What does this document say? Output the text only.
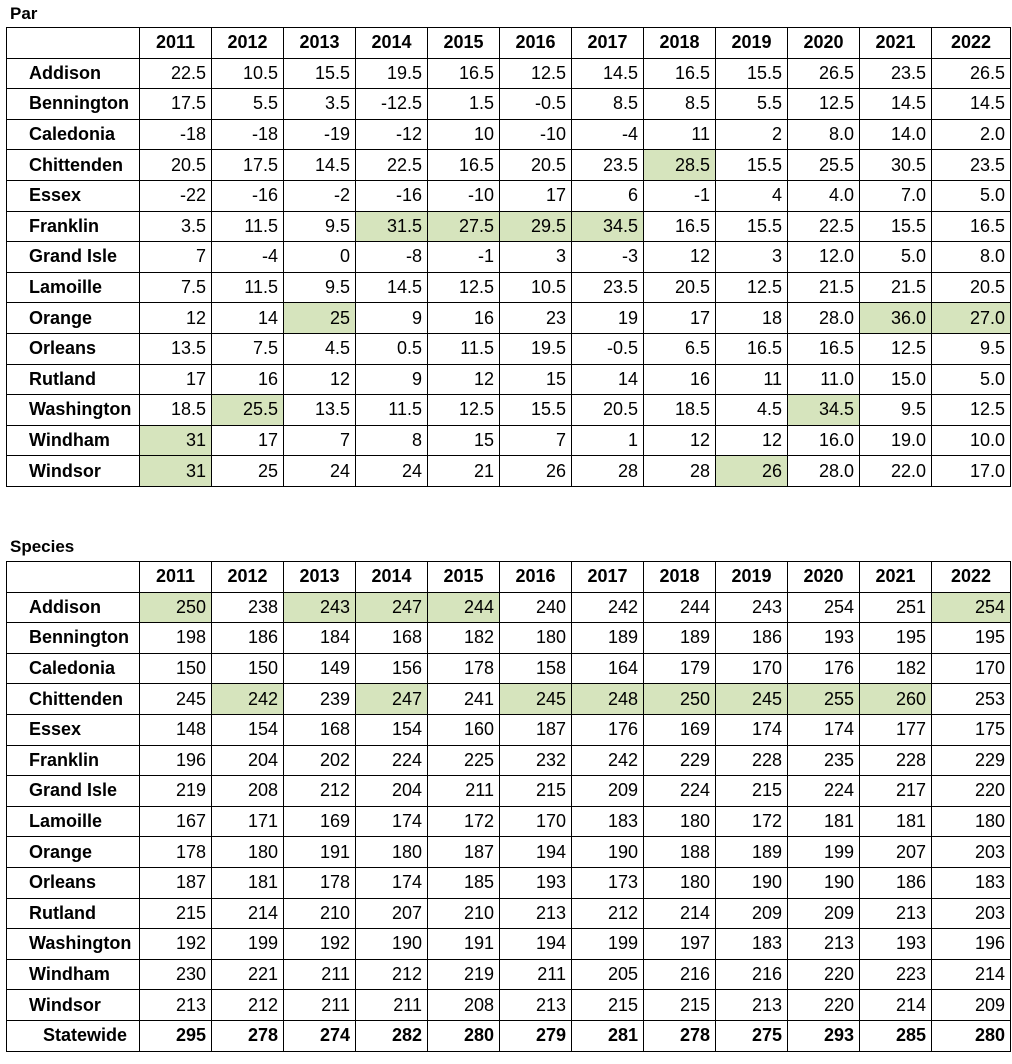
Par
	2011	2012	2013	2014	2015	2016	2017	2018	2019	2020	2021	2022
Addison	22.5	10.5	15.5	19.5	16.5	12.5	14.5	16.5	15.5	26.5	23.5	26.5
Bennington	17.5	5.5	3.5	-12.5	1.5	-0.5	8.5	8.5	5.5	12.5	14.5	14.5
Caledonia	-18	-18	-19	-12	10	-10	-4	11	2	8.0	14.0	2.0
Chittenden	20.5	17.5	14.5	22.5	16.5	20.5	23.5	28.5	15.5	25.5	30.5	23.5
Essex	-22	-16	-2	-16	-10	17	6	-1	4	4.0	7.0	5.0
Franklin	3.5	11.5	9.5	31.5	27.5	29.5	34.5	16.5	15.5	22.5	15.5	16.5
Grand Isle	7	-4	0	-8	-1	3	-3	12	3	12.0	5.0	8.0
Lamoille	7.5	11.5	9.5	14.5	12.5	10.5	23.5	20.5	12.5	21.5	21.5	20.5
Orange	12	14	25	9	16	23	19	17	18	28.0	36.0	27.0
Orleans	13.5	7.5	4.5	0.5	11.5	19.5	-0.5	6.5	16.5	16.5	12.5	9.5
Rutland	17	16	12	9	12	15	14	16	11	11.0	15.0	5.0
Washington	18.5	25.5	13.5	11.5	12.5	15.5	20.5	18.5	4.5	34.5	9.5	12.5
Windham	31	17	7	8	15	7	1	12	12	16.0	19.0	10.0
Windsor	31	25	24	24	21	26	28	28	26	28.0	22.0	17.0
Species
	2011	2012	2013	2014	2015	2016	2017	2018	2019	2020	2021	2022
Addison	250	238	243	247	244	240	242	244	243	254	251	254
Bennington	198	186	184	168	182	180	189	189	186	193	195	195
Caledonia	150	150	149	156	178	158	164	179	170	176	182	170
Chittenden	245	242	239	247	241	245	248	250	245	255	260	253
Essex	148	154	168	154	160	187	176	169	174	174	177	175
Franklin	196	204	202	224	225	232	242	229	228	235	228	229
Grand Isle	219	208	212	204	211	215	209	224	215	224	217	220
Lamoille	167	171	169	174	172	170	183	180	172	181	181	180
Orange	178	180	191	180	187	194	190	188	189	199	207	203
Orleans	187	181	178	174	185	193	173	180	190	190	186	183
Rutland	215	214	210	207	210	213	212	214	209	209	213	203
Washington	192	199	192	190	191	194	199	197	183	213	193	196
Windham	230	221	211	212	219	211	205	216	216	220	223	214
Windsor	213	212	211	211	208	213	215	215	213	220	214	209
Statewide	295	278	274	282	280	279	281	278	275	293	285	280
